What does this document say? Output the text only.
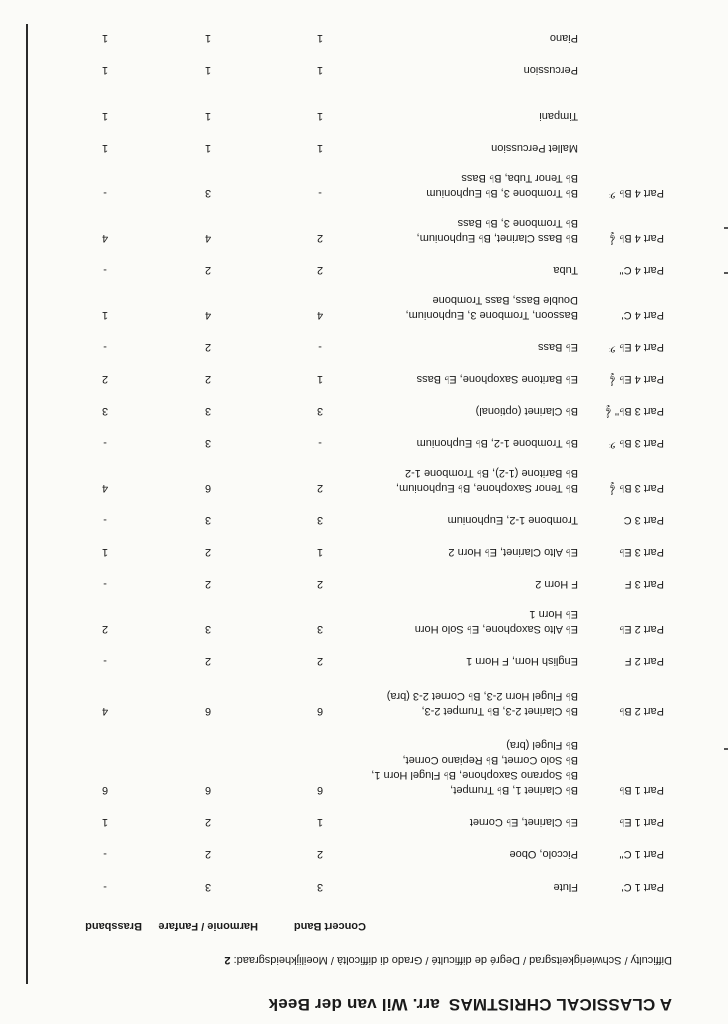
A CLASSICAL CHRISTMAS arr. Wil van der Beek
Difficulty / Schwierigkeitsgrad / Degré de difficulté / Grado di difficoltà / Moeilijkheidsgraad: 2
Concert Band
Harmonie / Fanfare
Brassband
Part 1 C'
Flute
3
3
-
Part 1 C''
Piccolo, Oboe
2
2
-
Part 1 E♭
E♭ Clarinet, E♭ Cornet
1
2
1
Part 1 B♭
B♭ Clarinet 1, B♭ Trumpet,
B♭ Soprano Saxophone, B♭ Flugel Horn 1,
B♭ Solo Cornet, B♭ Repiano Cornet,
B♭ Flugel (bra)
6
6
6
Part 2 B♭
B♭ Clarinet 2-3, B♭ Trumpet 2-3,
B♭ Flugel Horn 2-3, B♭ Cornet 2-3 (bra)
6
6
4
Part 2 F
English Horn, F Horn 1
2
2
-
Part 2 E♭
E♭ Alto Saxophone, E♭ Solo Horn
E♭ Horn 1
3
3
2
Part 3 F
F Horn 2
2
2
-
Part 3 E♭
E♭ Alto Clarinet, E♭ Horn 2
1
2
1
Part 3 C
Trombone 1-2, Euphonium
3
3
-
Part 3 B♭ 𝄞
B♭ Tenor Saxophone, B♭ Euphonium,
B♭ Baritone (1-2), B♭ Trombone 1-2
2
6
4
Part 3 B♭ 𝄢
B♭ Trombone 1-2, B♭ Euphonium
-
3
-
Part 3 B♭'' 𝄞
B♭ Clarinet (optional)
3
3
3
Part 4 E♭ 𝄞
E♭ Baritone Saxophone, E♭ Bass
1
2
2
Part 4 E♭ 𝄢
E♭ Bass
-
2
-
Part 4 C'
Bassoon, Trombone 3, Euphonium,
Double Bass, Bass Trombone
4
4
1
Part 4 C''
Tuba
2
2
-
Part 4 B♭ 𝄞
B♭ Bass Clarinet, B♭ Euphonium,
B♭ Trombone 3, B♭ Bass
2
4
4
Part 4 B♭ 𝄢
B♭ Trombone 3, B♭ Euphonium
B♭ Tenor Tuba, B♭ Bass
-
3
-
Mallet Percussion
1
1
1
Timpani
1
1
1
Percussion
1
1
1
Piano
1
1
1
